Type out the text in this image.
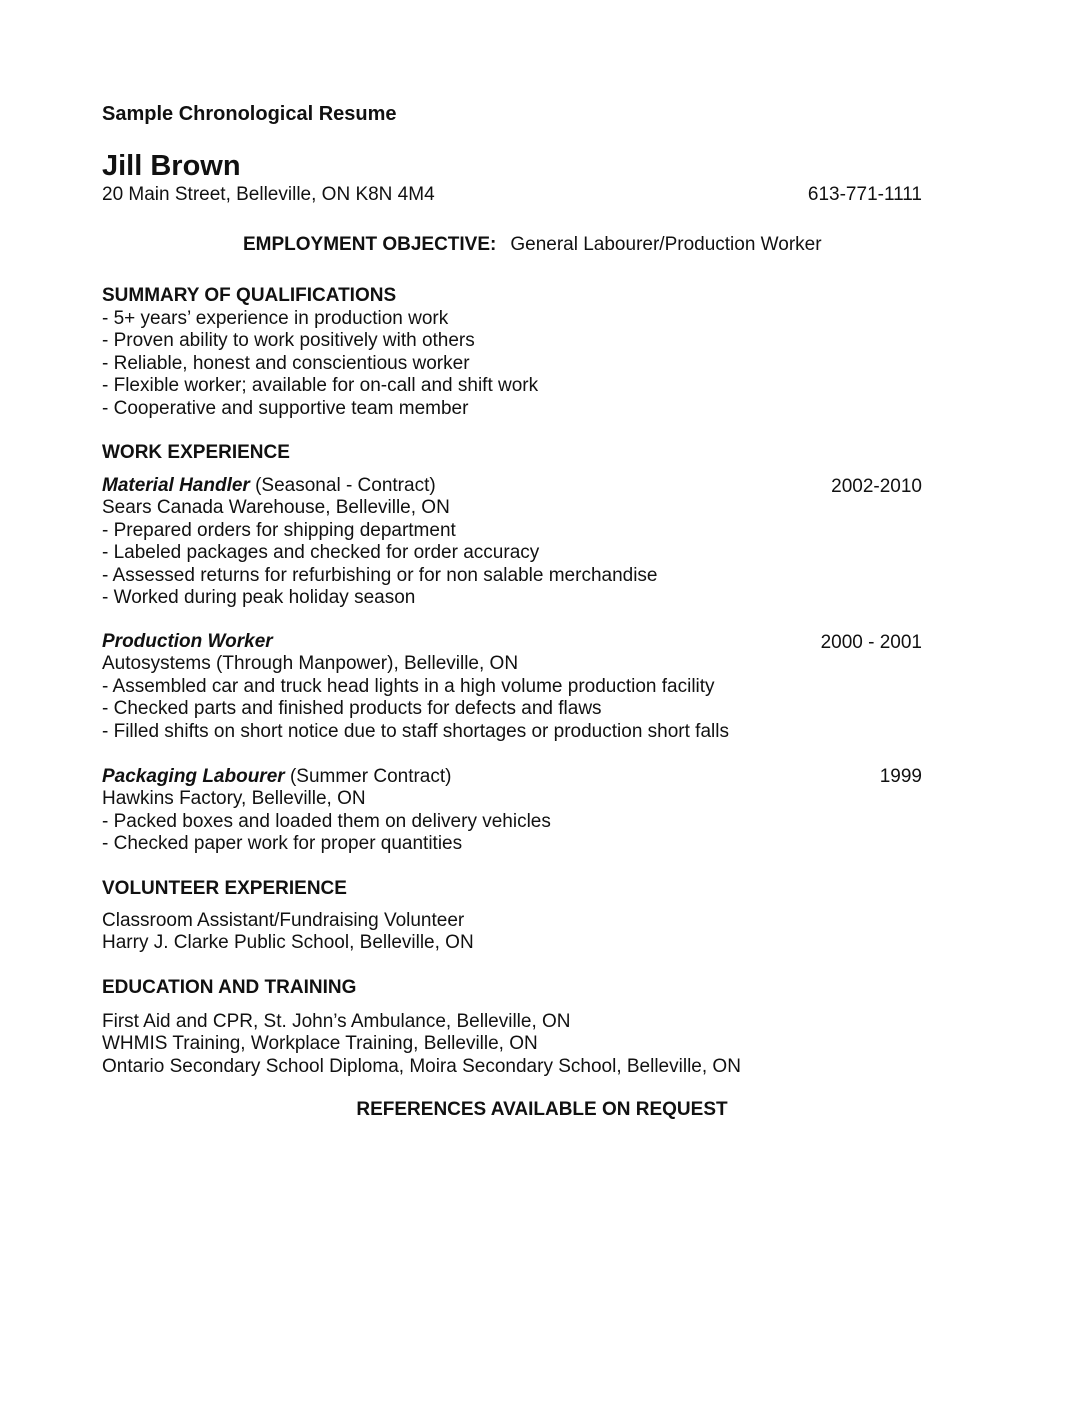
Sample Chronological Resume
Jill Brown
20 Main Street, Belleville, ON K8N 4M4	613-771-1111
EMPLOYMENT OBJECTIVE: General Labourer/Production Worker
SUMMARY OF QUALIFICATIONS
- 5+ years’ experience in production work
- Proven ability to work positively with others
- Reliable, honest and conscientious worker
- Flexible worker; available for on-call and shift work
- Cooperative and supportive team member
WORK EXPERIENCE
Material Handler (Seasonal - Contract)
Sears Canada Warehouse, Belleville, ON
- Prepared orders for shipping department
- Labeled packages and checked for order accuracy
- Assessed returns for refurbishing or for non salable merchandise
- Worked during peak holiday season
2002-2010
Production Worker
Autosystems (Through Manpower), Belleville, ON
- Assembled car and truck head lights in a high volume production facility
- Checked parts and finished products for defects and flaws
- Filled shifts on short notice due to staff shortages or production short falls
2000 - 2001
Packaging Labourer (Summer Contract)
Hawkins Factory, Belleville, ON
- Packed boxes and loaded them on delivery vehicles
- Checked paper work for proper quantities
1999
VOLUNTEER EXPERIENCE
Classroom Assistant/Fundraising Volunteer
Harry J. Clarke Public School, Belleville, ON
EDUCATION AND TRAINING
First Aid and CPR, St. John’s Ambulance, Belleville, ON
WHMIS Training, Workplace Training, Belleville, ON
Ontario Secondary School Diploma, Moira Secondary School, Belleville, ON
REFERENCES AVAILABLE ON REQUEST
